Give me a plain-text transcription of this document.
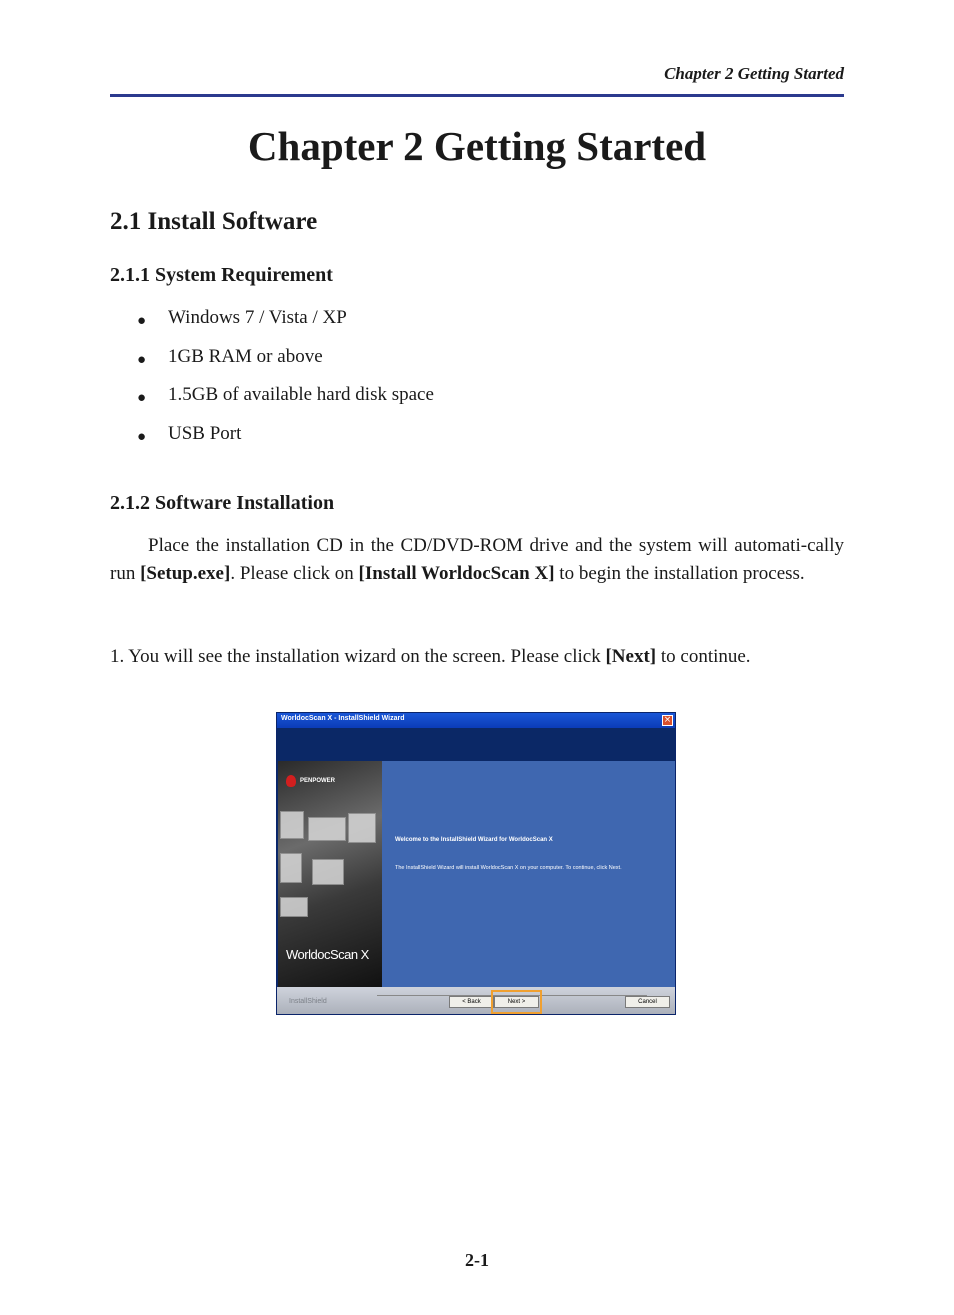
Chapter 2 Getting Started
Chapter 2 Getting Started
2.1 Install Software
2.1.1 System Requirement
●	Windows 7 / Vista / XP
●	1GB RAM or above
●	1.5GB of available hard disk space
●	USB Port
2.1.2 Software Installation

Place the installation CD in the CD/DVD-ROM drive and the system will automati-cally run [Setup.exe]. Please click on [Install WorldocScan X] to begin the installation process.

1. You will see the installation wizard on the screen. Please click [Next] to continue.

WorldocScan X - InstallShield Wizard	×
PENPOWER
WorldocScan X
Welcome to the InstallShield Wizard for WorldocScan X
The InstallShield Wizard will install WorldocScan X on your computer. To continue, click Next.
InstallShield	< Back	Next >	Cancel
2-1
